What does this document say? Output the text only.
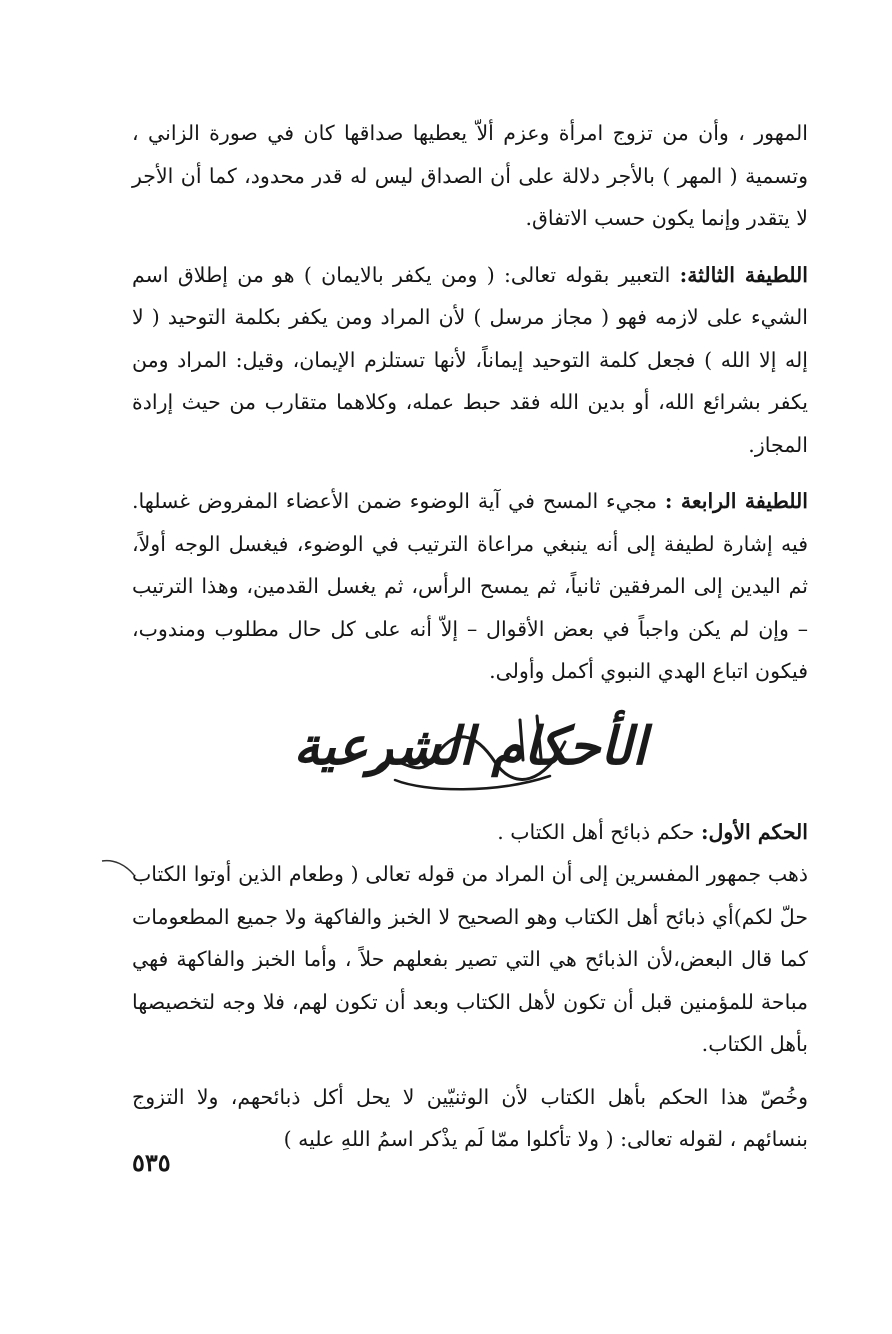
المهور ، وأن من تزوج امرأة وعزم ألاّ يعطيها صداقها كان في صورة الزاني ، وتسمية ( المهر ) بالأجر دلالة على أن الصداق ليس له قدر محدود، كما أن الأجر لا يتقدر وإنما يكون حسب الاتفاق.

اللطيفة الثالثة: التعبير بقوله تعالى: ( ومن يكفر بالايمان ) هو من إطلاق اسم الشيء على لازمه فهو ( مجاز مرسل ) لأن المراد ومن يكفر بكلمة التوحيد ( لا إله إلا الله ) فجعل كلمة التوحيد إيماناً، لأنها تستلزم الإيمان، وقيل: المراد ومن يكفر بشرائع الله، أو بدين الله فقد حبط عمله، وكلاهما متقارب من حيث إرادة المجاز.

اللطيفة الرابعة : مجيء المسح في آية الوضوء ضمن الأعضاء المفروض غسلها. فيه إشارة لطيفة إلى أنه ينبغي مراعاة الترتيب في الوضوء، فيغسل الوجه أولاً، ثم اليدين إلى المرفقين ثانياً، ثم يمسح الرأس، ثم يغسل القدمين، وهذا الترتيب – وإن لم يكن واجباً في بعض الأقوال – إلاّ أنه على كل حال مطلوب ومندوب، فيكون اتباع الهدي النبوي أكمل وأولى.

الأحكام الشرعية

الحكم الأول: حكم ذبائح أهل الكتاب .

ذهب جمهور المفسرين إلى أن المراد من قوله تعالى ( وطعام الذين أوتوا الكتاب حلّ لكم)أي ذبائح أهل الكتاب وهو الصحيح لا الخبز والفاكهة ولا جميع المطعومات كما قال البعض،لأن الذبائح هي التي تصير بفعلهم حلاً ، وأما الخبز والفاكهة فهي مباحة للمؤمنين قبل أن تكون لأهل الكتاب وبعد أن تكون لهم، فلا وجه لتخصيصها بأهل الكتاب.

وخُصّ هذا الحكم بأهل الكتاب لأن الوثنيّين لا يحل أكل ذبائحهم، ولا التزوج بنسائهم ، لقوله تعالى: ( ولا تأكلوا ممّا لَم يذْكر اسمُ اللهِ عليه )

٥٣٥
